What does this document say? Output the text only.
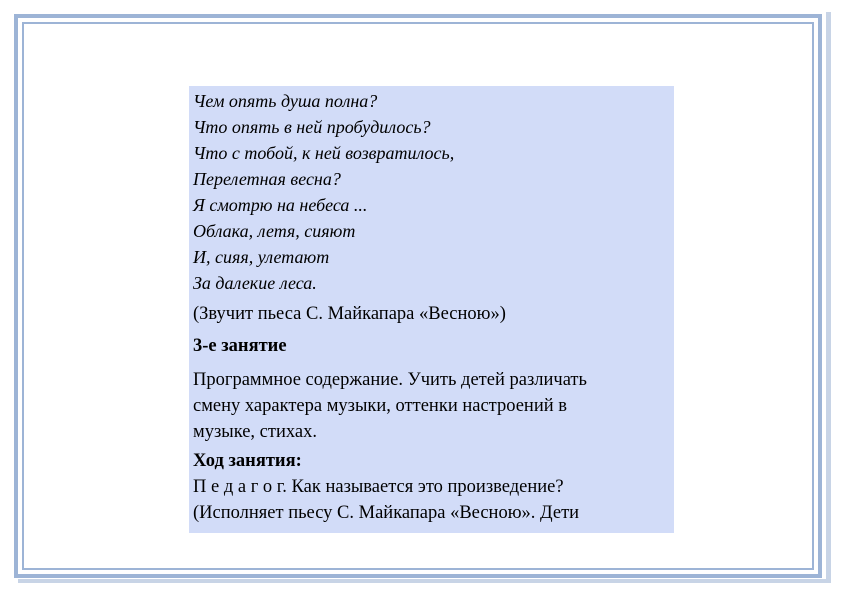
Чем опять душа полна?
Что опять в ней пробудилось?
Что с тобой, к ней возвратилось,
Перелетная весна?
Я смотрю на небеса ...
Облака, летя, сияют
И, сияя, улетают
За далекие леса.
(Звучит пьеса С. Майкапара «Весною»)
3-е занятие
Программное содержание. Учить детей различать
смену характера музыки, оттенки настроений в
музыке, стихах.
Ход занятия:
П е д а г о г. Как называется это произведение?
(Исполняет пьесу С. Майкапара «Весною». Дети
